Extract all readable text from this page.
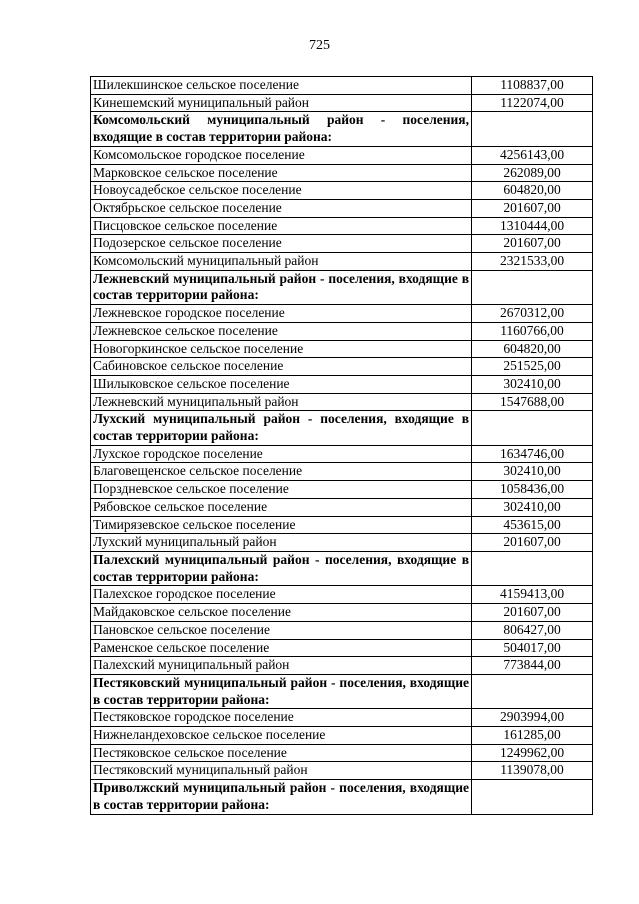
725
Шилекшинское сельское поселение	1108837,00
Кинешемский муниципальный район	1122074,00
Комсомольский муниципальный район - поселения, входящие в состав территории района:	
Комсомольское городское поселение	4256143,00
Марковское сельское поселение	262089,00
Новоусадебское сельское поселение	604820,00
Октябрьское сельское поселение	201607,00
Писцовское сельское поселение	1310444,00
Подозерское сельское поселение	201607,00
Комсомольский муниципальный район	2321533,00
Лежневский муниципальный район - поселения, входящие в состав территории района:	
Лежневское городское поселение	2670312,00
Лежневское сельское поселение	1160766,00
Новогоркинское сельское поселение	604820,00
Сабиновское сельское поселение	251525,00
Шилыковское сельское поселение	302410,00
Лежневский муниципальный район	1547688,00
Лухский муниципальный район - поселения, входящие в состав территории района:	
Лухское городское поселение	1634746,00
Благовещенское сельское поселение	302410,00
Порздневское сельское поселение	1058436,00
Рябовское сельское поселение	302410,00
Тимирязевское сельское поселение	453615,00
Лухский муниципальный район	201607,00
Палехский муниципальный район - поселения, входящие в состав территории района:	
Палехское городское поселение	4159413,00
Майдаковское сельское поселение	201607,00
Пановское сельское поселение	806427,00
Раменское сельское поселение	504017,00
Палехский муниципальный район	773844,00
Пестяковский муниципальный район - поселения, входящие в состав территории района:	
Пестяковское городское поселение	2903994,00
Нижнеландеховское сельское поселение	161285,00
Пестяковское сельское поселение	1249962,00
Пестяковский муниципальный район	1139078,00
Приволжский муниципальный район - поселения, входящие в состав территории района:	
